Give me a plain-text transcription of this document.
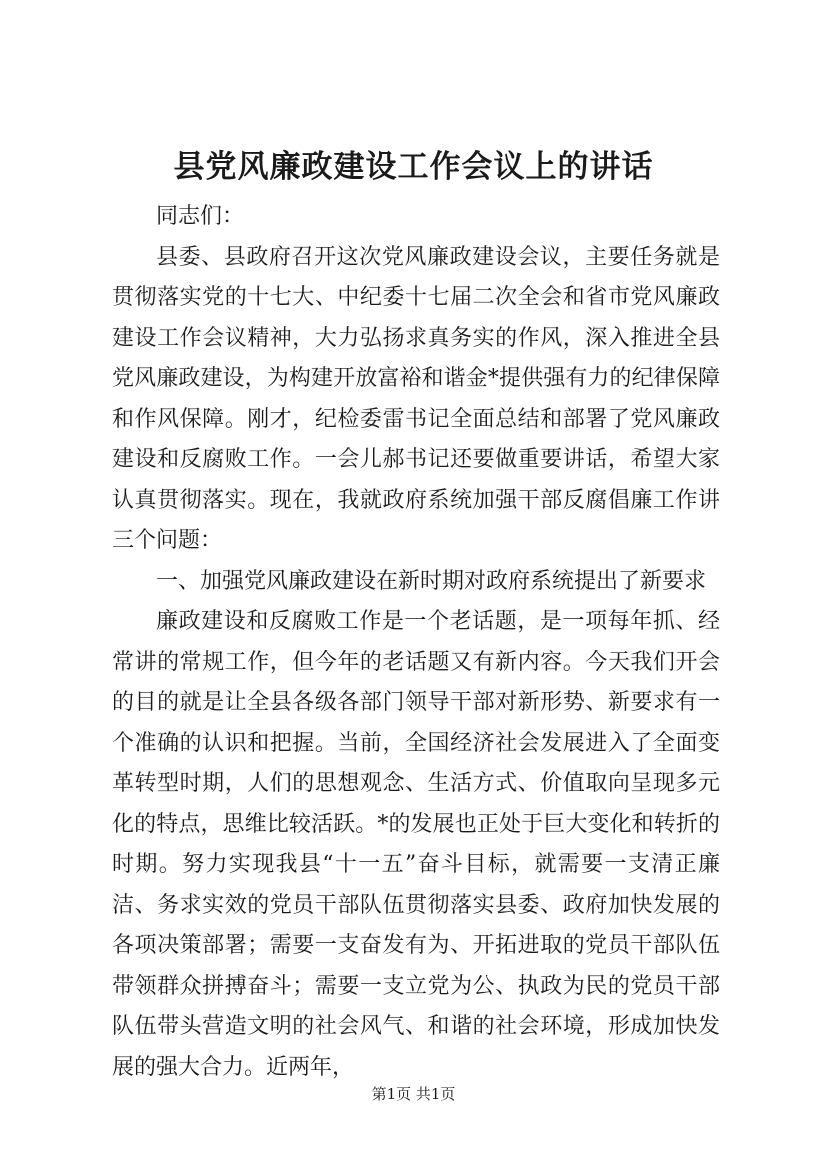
县党风廉政建设工作会议上的讲话

同志们：

县委、县政府召开这次党风廉政建设会议，主要任务就是贯彻落实党的十七大、中纪委十七届二次全会和省市党风廉政建设工作会议精神，大力弘扬求真务实的作风，深入推进全县党风廉政建设，为构建开放富裕和谐金*提供强有力的纪律保障和作风保障。刚才，纪检委雷书记全面总结和部署了党风廉政建设和反腐败工作。一会儿郝书记还要做重要讲话，希望大家认真贯彻落实。现在，我就政府系统加强干部反腐倡廉工作讲三个问题：

一、加强党风廉政建设在新时期对政府系统提出了新要求

廉政建设和反腐败工作是一个老话题，是一项每年抓、经常讲的常规工作，但今年的老话题又有新内容。今天我们开会的目的就是让全县各级各部门领导干部对新形势、新要求有一个准确的认识和把握。当前，全国经济社会发展进入了全面变革转型时期，人们的思想观念、生活方式、价值取向呈现多元化的特点，思维比较活跃。*的发展也正处于巨大变化和转折的时期。努力实现我县“十一五”奋斗目标，就需要一支清正廉洁、务求实效的党员干部队伍贯彻落实县委、政府加快发展的各项决策部署；需要一支奋发有为、开拓进取的党员干部队伍带领群众拼搏奋斗；需要一支立党为公、执政为民的党员干部队伍带头营造文明的社会风气、和谐的社会环境，形成加快发展的强大合力。近两年，

第1页 共1页
